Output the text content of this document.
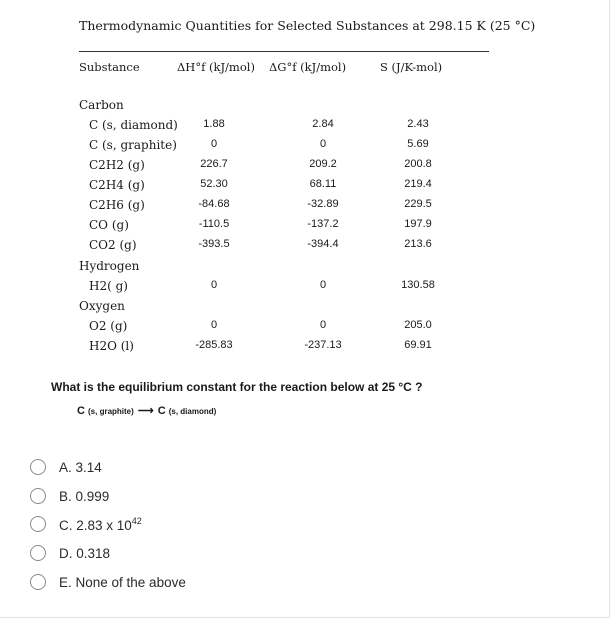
Thermodynamic Quantities for Selected Substances at 298.15 K (25 °C)
Substance	ΔH°f (kJ/mol) ΔG°f (kJ/mol)	S (J/K-mol)
Carbon
C (s, diamond) 1.88	2.84	2.43
C (s, graphite)	0	0	5.69
C2H2 (g)	226.7	209.2	200.8
C2H4 (g)	52.30	68.11	219.4
C2H6 (g)	-84.68	-32.89	229.5
CO (g)	-110.5	-137.2	197.9
CO2 (g)	-393.5	-394.4	213.6
Hydrogen
H2( g)	0	0	130.58
Oxygen
O2 (g)	0	0	205.0
H2O (l)	-285.83	-237.13	69.91
What is the equilibrium constant for the reaction below at 25 °C ?
C (s, graphite) ⟶ C (s, diamond)
A. 3.14
B. 0.999
C. 2.83 x $10^{42}$
D. 0.318
E. None of the above
